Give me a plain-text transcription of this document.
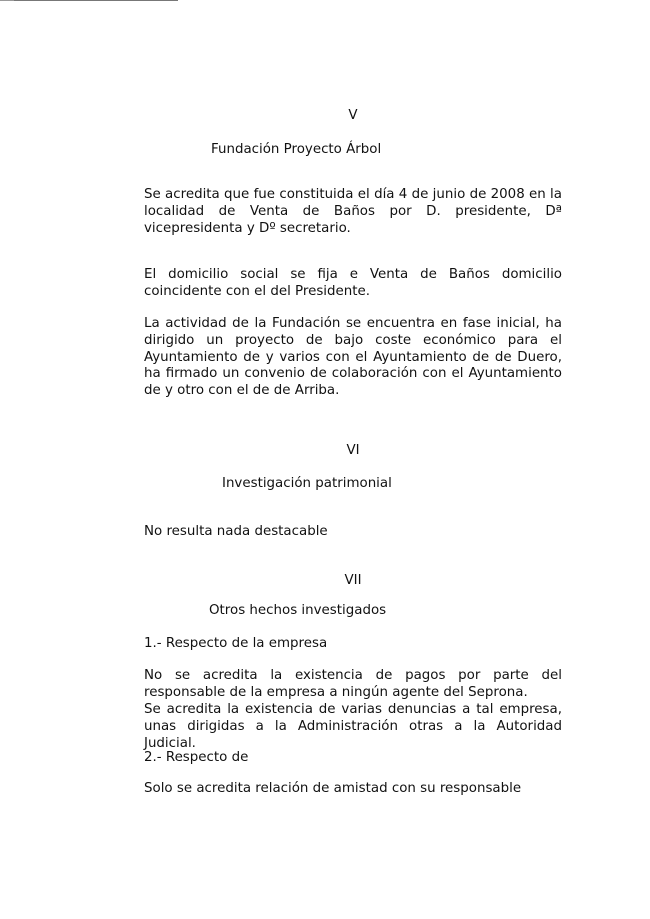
V
Fundación Proyecto Árbol

Se acredita que fue constituida el día 4 de junio de 2008 en la localidad de Venta de Baños por D. presidente, Dª vicepresidenta y Dº secretario.

El domicilio social se fija e Venta de Baños domicilio coincidente con el del Presidente.

La actividad de la Fundación se encuentra en fase inicial, ha dirigido un proyecto de bajo coste económico para el Ayuntamiento de y varios con el Ayuntamiento de de Duero, ha firmado un convenio de colaboración con el Ayuntamiento de y otro con el de de Arriba.

VI
Investigación patrimonial

No resulta nada destacable

VII
Otros hechos investigados

1.- Respecto de la empresa

No se acredita la existencia de pagos por parte del responsable de la empresa a ningún agente del Seprona.

Se acredita la existencia de varias denuncias a tal empresa, unas dirigidas a la Administración otras a la Autoridad Judicial.

2.- Respecto de

Solo se acredita relación de amistad con su responsable
